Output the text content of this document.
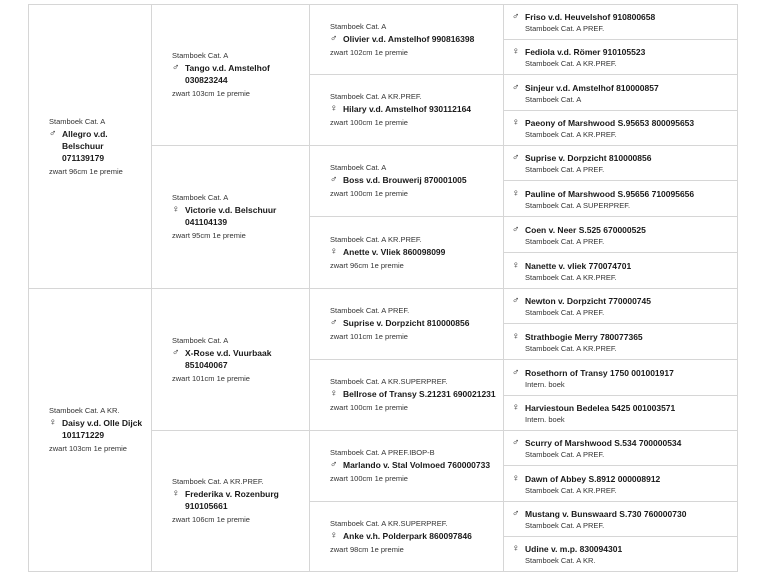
Stamboek Cat. A
♂ Allegro v.d. Belschuur 071139179
zwart 96cm 1e premie
Stamboek Cat. A KR.
♀ Daisy v.d. Olle Dijck 101171229
zwart 103cm 1e premie
Stamboek Cat. A
♂ Tango v.d. Amstelhof 030823244
zwart 103cm 1e premie
Stamboek Cat. A
♀ Victorie v.d. Belschuur 041104139
zwart 95cm 1e premie
Stamboek Cat. A
♂ X-Rose v.d. Vuurbaak 851040067
zwart 101cm 1e premie
Stamboek Cat. A KR.PREF.
♀ Frederika v. Rozenburg 910105661
zwart 106cm 1e premie
Stamboek Cat. A
♂ Olivier v.d. Amstelhof 990816398
zwart 102cm 1e premie
Stamboek Cat. A KR.PREF.
♀ Hilary v.d. Amstelhof 930112164
zwart 100cm 1e premie
Stamboek Cat. A
♂ Boss v.d. Brouwerij 870001005
zwart 100cm 1e premie
Stamboek Cat. A KR.PREF.
♀ Anette v. Vliek 860098099
zwart 96cm 1e premie
Stamboek Cat. A PREF.
♂ Suprise v. Dorpzicht 810000856
zwart 101cm 1e premie
Stamboek Cat. A KR.SUPERPREF.
♀ Bellrose of Transy S.21231 690021231
zwart 100cm 1e premie
Stamboek Cat. A PREF.IBOP-B
♂ Marlando v. Stal Volmoed 760000733
zwart 100cm 1e premie
Stamboek Cat. A KR.SUPERPREF.
♀ Anke v.h. Polderpark 860097846
zwart 98cm 1e premie
♂ Friso v.d. Heuvelshof 910800658
Stamboek Cat. A PREF.
♀ Fediola v.d. Römer 910105523
Stamboek Cat. A KR.PREF.
♂ Sinjeur v.d. Amstelhof 810000857
Stamboek Cat. A
♀ Paeony of Marshwood S.95653 800095653
Stamboek Cat. A KR.PREF.
♂ Suprise v. Dorpzicht 810000856
Stamboek Cat. A PREF.
♀ Pauline of Marshwood S.95656 710095656
Stamboek Cat. A SUPERPREF.
♂ Coen v. Neer S.525 670000525
Stamboek Cat. A PREF.
♀ Nanette v. vliek 770074701
Stamboek Cat. A KR.PREF.
♂ Newton v. Dorpzicht 770000745
Stamboek Cat. A PREF.
♀ Strathbogie Merry 780077365
Stamboek Cat. A KR.PREF.
♂ Rosethorn of Transy 1750 001001917
Intern. boek
♀ Harviestoun Bedelea 5425 001003571
Intern. boek
♂ Scurry of Marshwood S.534 700000534
Stamboek Cat. A PREF.
♀ Dawn of Abbey S.8912 000008912
Stamboek Cat. A KR.PREF.
♂ Mustang v. Bunswaard S.730 760000730
Stamboek Cat. A PREF.
♀ Udine v. m.p. 830094301
Stamboek Cat. A KR.
